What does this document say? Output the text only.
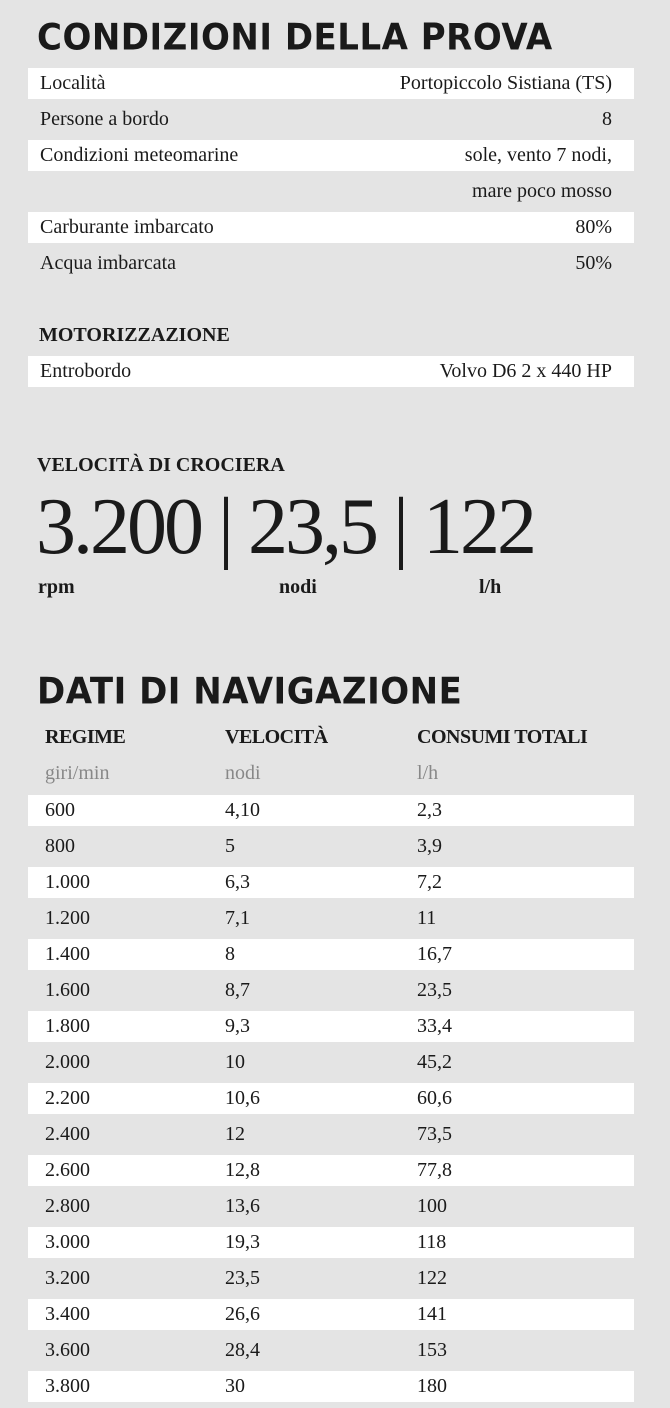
CONDIZIONI DELLA PROVA
Località	Portopiccolo Sistiana (TS)
Persone a bordo	8
Condizioni meteomarine	sole, vento 7 nodi,
mare poco mosso
Carburante imbarcato	80%
Acqua imbarcata	50%
MOTORIZZAZIONE
Entrobordo	Volvo D6 2 x 440 HP
VELOCITÀ DI CROCIERA
3.200 | 23,5 | 122
rpm	nodi	l/h
DATI DI NAVIGAZIONE
REGIME	VELOCITÀ	CONSUMI TOTALI
giri/min	nodi	l/h
600	4,10	2,3
800	5	3,9
1.000	6,3	7,2
1.200	7,1	11
1.400	8	16,7
1.600	8,7	23,5
1.800	9,3	33,4
2.000	10	45,2
2.200	10,6	60,6
2.400	12	73,5
2.600	12,8	77,8
2.800	13,6	100
3.000	19,3	118
3.200	23,5	122
3.400	26,6	141
3.600	28,4	153
3.800	30	180
